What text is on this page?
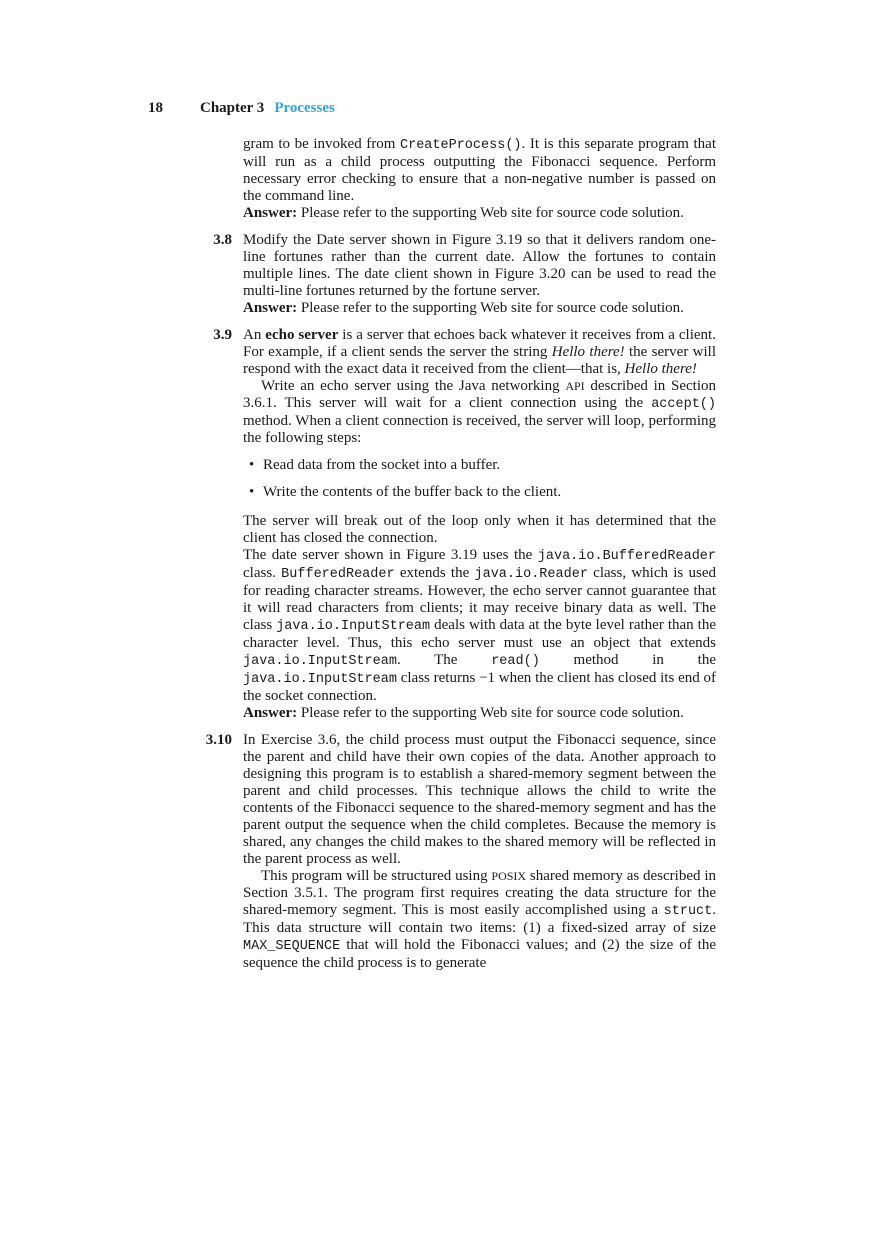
18 Chapter 3 Processes

gram to be invoked from CreateProcess(). It is this separate program that will run as a child process outputting the Fibonacci sequence. Perform necessary error checking to ensure that a non-negative number is passed on the command line.

Answer: Please refer to the supporting Web site for source code solution.

3.8 Modify the Date server shown in Figure 3.19 so that it delivers random one-line fortunes rather than the current date. Allow the fortunes to contain multiple lines. The date client shown in Figure 3.20 can be used to read the multi-line fortunes returned by the fortune server.

Answer: Please refer to the supporting Web site for source code solution.

3.9 An echo server is a server that echoes back whatever it receives from a client. For example, if a client sends the server the string Hello there! the server will respond with the exact data it received from the client—that is, Hello there!

Write an echo server using the Java networking API described in Section 3.6.1. This server will wait for a client connection using the accept() method. When a client connection is received, the server will loop, performing the following steps:

• Read data from the socket into a buffer.
• Write the contents of the buffer back to the client.

The server will break out of the loop only when it has determined that the client has closed the connection.

The date server shown in Figure 3.19 uses the java.io.BufferedReader class. BufferedReader extends the java.io.Reader class, which is used for reading character streams. However, the echo server cannot guarantee that it will read characters from clients; it may receive binary data as well. The class java.io.InputStream deals with data at the byte level rather than the character level. Thus, this echo server must use an object that extends java.io.InputStream. The read() method in the java.io.InputStream class returns −1 when the client has closed its end of the socket connection.

Answer: Please refer to the supporting Web site for source code solution.

3.10 In Exercise 3.6, the child process must output the Fibonacci sequence, since the parent and child have their own copies of the data. Another approach to designing this program is to establish a shared-memory segment between the parent and child processes. This technique allows the child to write the contents of the Fibonacci sequence to the shared-memory segment and has the parent output the sequence when the child completes. Because the memory is shared, any changes the child makes to the shared memory will be reflected in the parent process as well.

This program will be structured using POSIX shared memory as described in Section 3.5.1. The program first requires creating the data structure for the shared-memory segment. This is most easily accomplished using a struct. This data structure will contain two items: (1) a fixed-sized array of size MAX_SEQUENCE that will hold the Fibonacci values; and (2) the size of the sequence the child process is to generate
